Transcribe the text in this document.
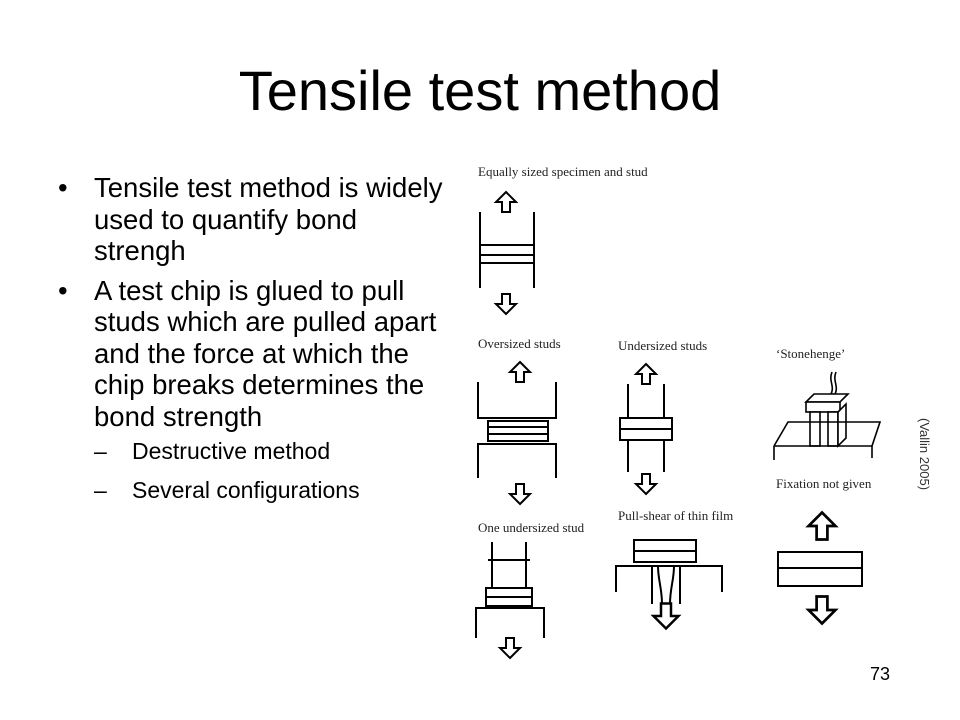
Tensile test method
• Tensile test method is widely used to quantify bond strengh
• A test chip is glued to pull studs which are pulled apart and the force at which the chip breaks determines the bond strength
– Destructive method
– Several configurations
Equally sized specimen and stud
Oversized studs	Undersized studs
‘Stonehenge’
Fixation not given
One undersized stud
Pull-shear of thin film
(Vallin 2005)
73
